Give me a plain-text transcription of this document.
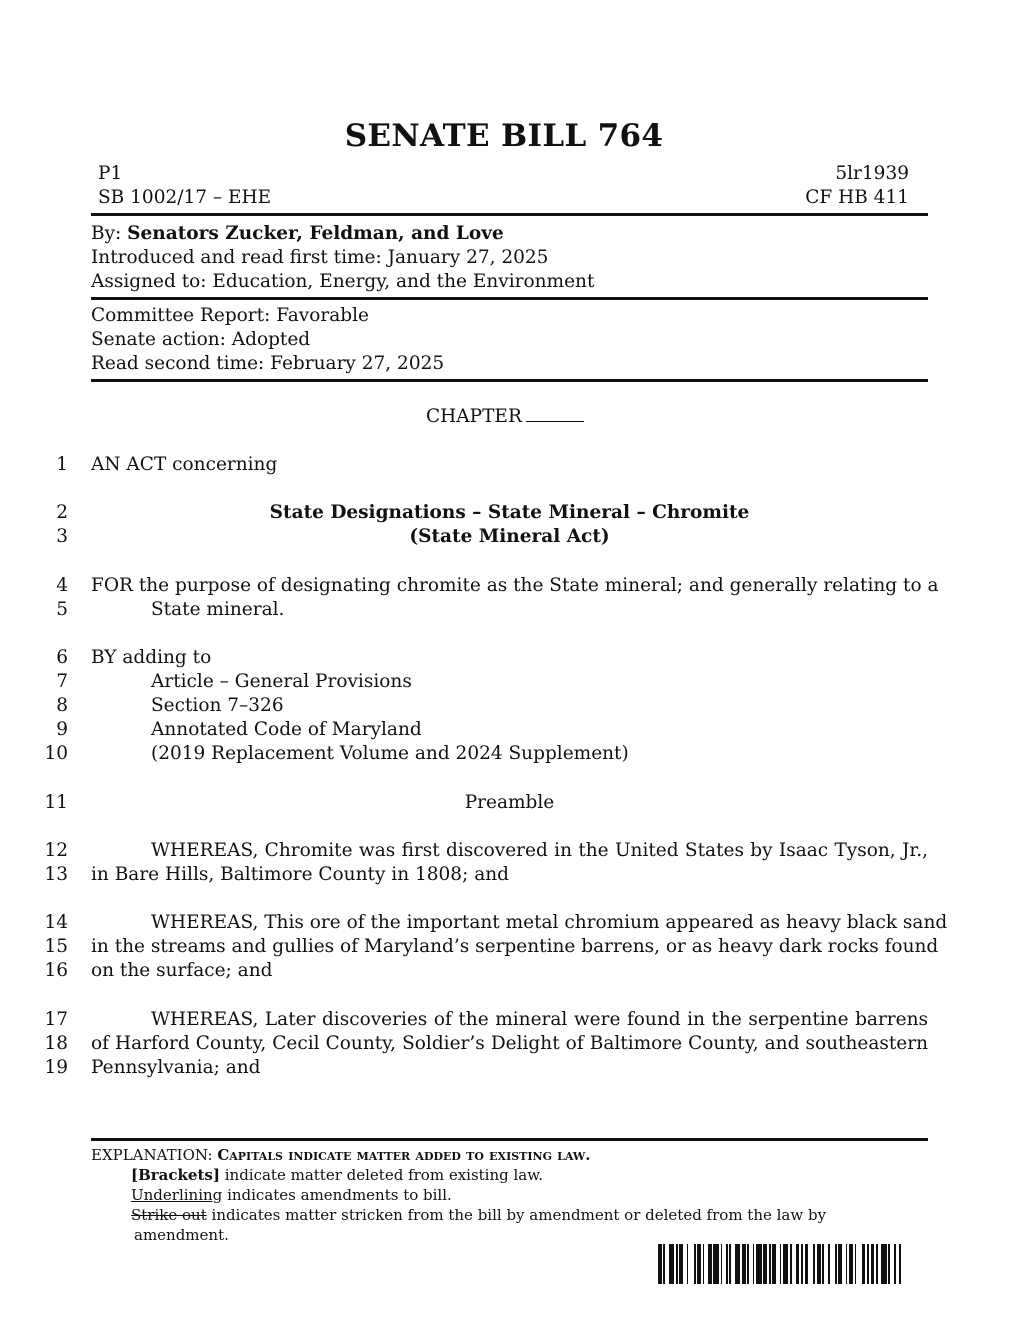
SENATE BILL 764
P1	5lr1939
SB 1002/17 – EHE	CF HB 411
By: Senators Zucker, Feldman, and Love
Introduced and read first time: January 27, 2025
Assigned to: Education, Energy, and the Environment
Committee Report: Favorable
Senate action: Adopted
Read second time: February 27, 2025
CHAPTER
1 AN ACT concerning
2	State Designations – State Mineral – Chromite
3	(State Mineral Act)
4 FOR the purpose of designating chromite as the State mineral; and generally relating to a
5	State mineral.
6 BY adding to
7	Article – General Provisions
8	Section 7–326
9	Annotated Code of Maryland
10	(2019 Replacement Volume and 2024 Supplement)
11	Preamble
12	WHEREAS, Chromite was first discovered in the United States by Isaac Tyson, Jr.,
13 in Bare Hills, Baltimore County in 1808; and
14	WHEREAS, This ore of the important metal chromium appeared as heavy black sand
15 in the streams and gullies of Maryland’s serpentine barrens, or as heavy dark rocks found
16 on the surface; and
17	WHEREAS, Later discoveries of the mineral were found in the serpentine barrens
18 of Harford County, Cecil County, Soldier’s Delight of Baltimore County, and southeastern
19 Pennsylvania; and
EXPLANATION: Capitals indicate matter added to existing law.
[Brackets] indicate matter deleted from existing law.
Underlining indicates amendments to bill.
Strike out indicates matter stricken from the bill by amendment or deleted from the law by
amendment.
